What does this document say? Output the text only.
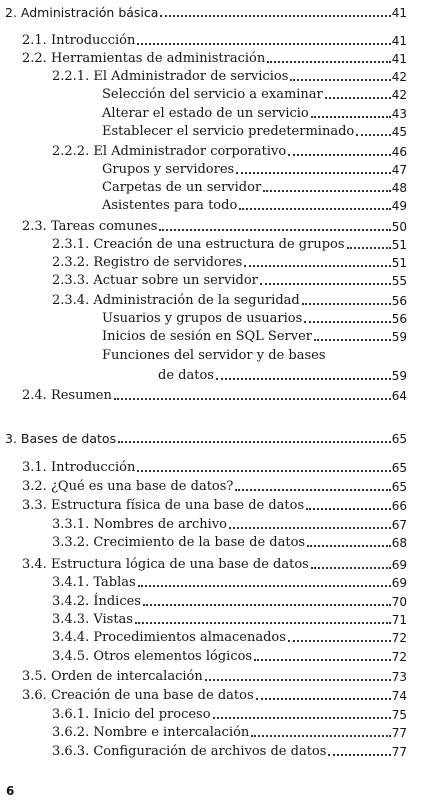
2. Administración básica	41
2.1. Introducción	41
2.2. Herramientas de administración	41
2.2.1. El Administrador de servicios	42
Selección del servicio a examinar	42
Alterar el estado de un servicio	43
Establecer el servicio predeterminado	45
2.2.2. El Administrador corporativo	46
Grupos y servidores	47
Carpetas de un servidor	48
Asistentes para todo	49
2.3. Tareas comunes	50
2.3.1. Creación de una estructura de grupos	51
2.3.2. Registro de servidores	51
2.3.3. Actuar sobre un servidor	55
2.3.4. Administración de la seguridad	56
Usuarios y grupos de usuarios	56
Inicios de sesión en SQL Server	59
Funciones del servidor y de bases
de datos	59
2.4. Resumen	64
3. Bases de datos	65
3.1. Introducción	65
3.2. ¿Qué es una base de datos?	65
3.3. Estructura física de una base de datos	66
3.3.1. Nombres de archivo	67
3.3.2. Crecimiento de la base de datos	68
3.4. Estructura lógica de una base de datos	69
3.4.1. Tablas	69
3.4.2. Índices	70
3.4.3. Vistas	71
3.4.4. Procedimientos almacenados	72
3.4.5. Otros elementos lógicos	72
3.5. Orden de intercalación	73
3.6. Creación de una base de datos	74
3.6.1. Inicio del proceso	75
3.6.2. Nombre e intercalación	77
3.6.3. Configuración de archivos de datos	77
6
